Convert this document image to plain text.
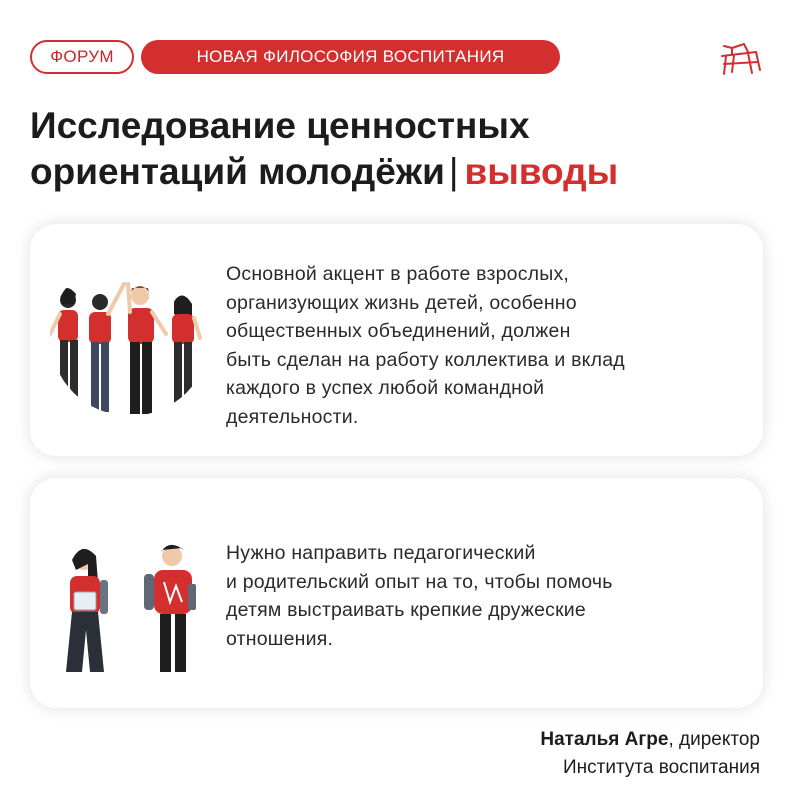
ФОРУМ	НОВАЯ ФИЛОСОФИЯ ВОСПИТАНИЯ
Исследование ценностных
ориентаций молодёжи | выводы
Основной акцент в работе взрослых,
организующих жизнь детей, особенно
общественных объединений, должен
быть сделан на работу коллектива и вклад
каждого в успех любой командной
деятельности.
Нужно направить педагогический
и родительский опыт на то, чтобы помочь
детям выстраивать крепкие дружеские
отношения.
Наталья Агре, директор
Института воспитания
